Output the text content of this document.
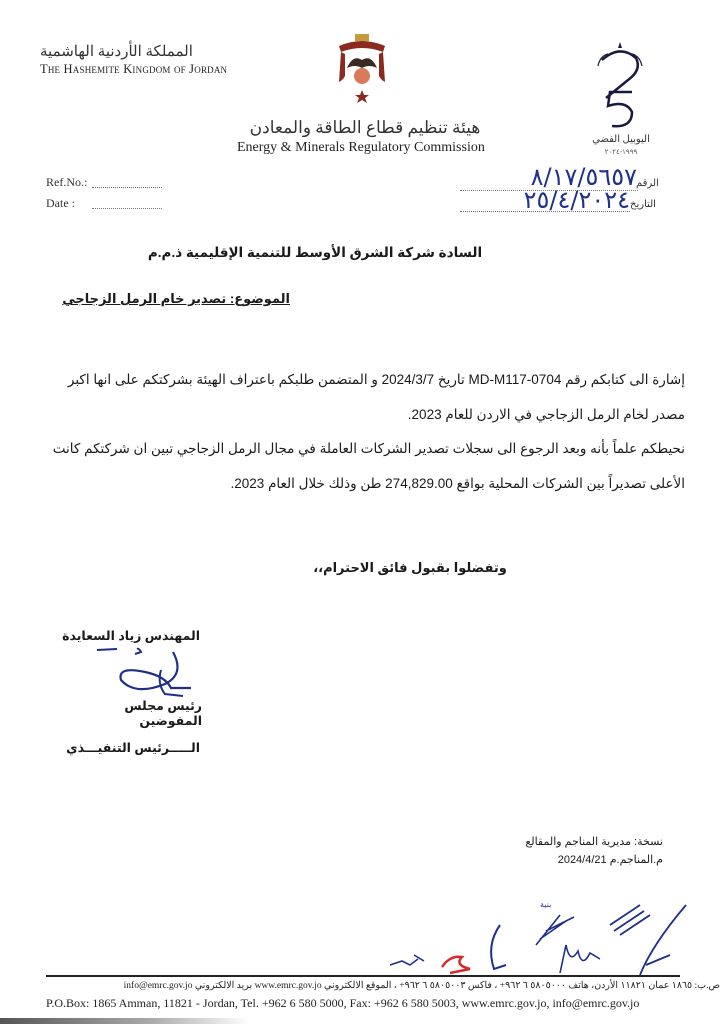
المملكة الأردنية الهاشمية
The Hashemite Kingdom of Jordan
هيئة تنظيم قطاع الطاقة والمعادن
Energy & Minerals Regulatory Commission
اليوبيل الفضي
١٩٩٩-٢٠٢٤
Ref.No.:
Date :
الرقم
٨/١٧/٥٦٥٧
التاريخ
٢٥/٤/٢٠٢٤
السادة شركة الشرق الأوسط للتنمية الإقليمية ذ.م.م
الموضوع: تصدير خام الرمل الزجاجي
إشارة الى كتابكم رقم MD-M117-0704 تاريخ 2024/3/7 و المتضمن طلبكم باعتراف الهيئة بشركتكم على انها اكبر مصدر لخام الرمل الزجاجي في الاردن للعام 2023.
نحيطكم علماً بأنه وبعد الرجوع الى سجلات تصدير الشركات العاملة في مجال الرمل الزجاجي تبين ان شركتكم كانت الأعلى تصديراً بين الشركات المحلية بواقع 274,829.00 طن وذلك خلال العام 2023.
وتفضلوا بقبول فائق الاحترام،،
المهندس زياد السعايدة
رئيس مجلس المفوضين
الـــــرئيس التنفيـــذي
نسخة: مديرية المناجم والمقالع
م.المناجم.م 2024/4/21
بنية
ص.ب: ١٨٦٥ عمان ١١٨٢١ الأردن، هاتف ٥٨٠٥٠٠٠ ٦ ٩٦٢+ ، فاكس ٥٨٠٥٠٠٣ ٦ ٩٦٢+ ، الموقع الالكتروني www.emrc.gov.jo بريد الالكتروني info@emrc.gov.jo
P.O.Box: 1865 Amman, 11821 - Jordan, Tel. +962 6 580 5000, Fax: +962 6 580 5003, www.emrc.gov.jo, info@emrc.gov.jo
